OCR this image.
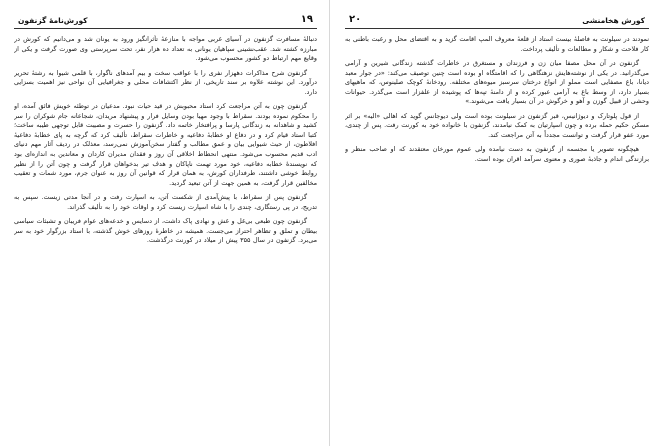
کورش‌نامهٔ گزنفون	۱۹

دنبالهٔ مسافرت گزنفون در آسیای غربی مواجه با منازعهٔ تأثرانگیز ورود به یونان شد و می‌دانیم که کورش در مبارزه کشته شد. عقب‌نشینی سپاهیان یونانی به تعداد ده هزار نفر، تحت سرپرستی وی صورت گرفت و یکی از وقایع مهم ارتباط دو کشور محسوب می‌شود.

گزنفون شرح مذاکرات دههزار نفری را با عواقب سخت و بیم آمدهای ناگوار، با قلمی شیوا به رشتهٔ تحریر درآورد. این نوشته علاوه بر سند تاریخی، از نظر اکتشافات محلی و جغرافیایی آن نواحی نیز اهمیت بسزایی دارد.

گزنفون چون به آتن مراجعت کرد استاد محبوبش در قید حیات نبود. مدعیان در توطئه خویش فائق آمده، او را محکوم نموده بودند. سقراط با وجود مهیا بودن وسایل فرار و پیشنهاد مریدان، شجاعانه جام شوکران را سر کشید و شاهدانه به زندگانی پارسا و پرافتخار خاتمه داد. گزنفون را حسرت و مصیبت قابل توجهی طیبه ساخت؛ کتبا استاد قیام کرد و در دفاع او خطابهٔ دفاعیه و خاطرات سقراط، تألیف کرد که گرچه به پای خطابهٔ دفاعیهٔ افلاطون، از حیث شیوایی بیان و عمق مطالب و گفتار سخن‌آموزش نمی‌رسد، معذلک در ردیف آثار مهم دنیای ادب قدیم محسوب می‌شود. منتهی انحطاط اخلاقی آن روز و فقدان مدیران کاردان و معاندین به اندازه‌ای بود که نویسندهٔ خطابه دفاعیه، خود مورد تهمت ناپاکان و هدف تیر بدخواهان قرار گرفت و چون آتن را از نظیر روابط خوشی داشتند، طرفداران کورش، به همان قرار که قوانین آن روز به عنوان جرم، مورد شمات و تعقیب مخالفین قرار گرفت، به همین جهت از آتن تبعید گردید.

گزنفون پس از سقراط، با پیش‌آمدی از شکست آتن، به اسپارت رفت و در آنجا مدتی زیست. سپس به تدریج، در پی رستگاری، چندی را با شاه اسپارت زیست کرد و اوقات خود را به تألیف گذراند.

گزنفون چون طبعی بی‌غل و غش و نهادی پاک داشت، از دسایس و خدعه‌های عوام فریبان و تشبثات سیاسی بیطان و تملق و تظاهر احتراز می‌جست. همیشه در خاطرهٔ روزهای خوش گذشته، با استاد بزرگوار خود به سر می‌برد. گزنفون در سال ۳۵۵ پیش از میلاد در کورنت درگذشت.

۲۰	کورش هخامنشی

نمودند در سیلونت به فاصلهٔ بیست استاد از قلعهٔ معروف المپ اقامت گزید و به اقتضای محل و رغبت باطنی به کار فلاحت و شکار و مطالعات و تألیف پرداخت.

گزنفون در آن محل مصفا میان زن و فرزندان و مستغرق در خاطرات گذشته زندگانی شیرین و آرامی می‌گذرانید. در یکی از نوشته‌هایش نزهتگاهی را که اقامتگاه او بوده است چنین توصیف می‌کند: «در جوار معبد دیانا، باغ مصفایی است مملو از انواع درختان سرسبز میوه‌های مختلفه. رودخانهٔ کوچک صلینوس، که ماهیهای بسیار دارد، از وسط باغ به آرامی عبور کرده و از دامنهٔ تپه‌ها که پوشیده از علفزار است می‌گذرد. حیوانات وحشی از قبیل گوزن و آهو و خرگوش در آن بسیار یافت می‌شوند.»

از قول پلوتارک و دیوژانیس، قبر گزنفون در سیلونت بوده است ولی دیوجانس گوید که اهالی «الیه» بر اثر مسکن حکیم حمله برده و چون اسپارتیان به کمک نیامدند، گزنفون با خانواده خود به کورنت رفت. پس از چندی، مورد عفو قرار گرفت و توانست مجدداً به آتن مراجعت کند.

هیچگونه تصویر یا مجسمه از گزنفون به دست نیامده ولی عموم مورخان معتقدند که او صاحب منظر و برازندگی اندام و جاذبهٔ صوری و معنوی سرآمد اقران بوده است.
